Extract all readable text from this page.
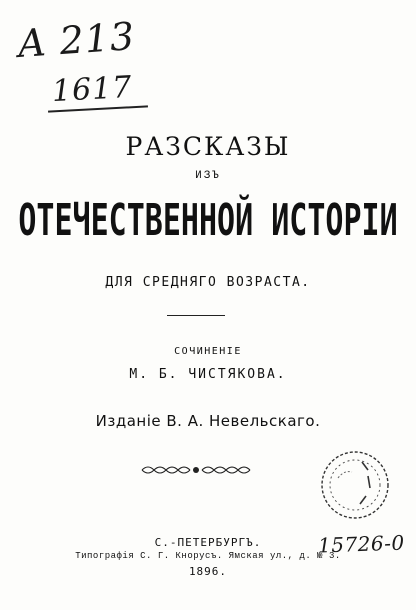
A 213
1617
РАЗСКАЗЫ
ИЗЪ
ОТЕЧЕСТВЕННОЙ ИСТОРІИ
ДЛЯ СРЕДНЯГО ВОЗРАСТА.
СОЧИНЕНІЕ
М. Б. ЧИСТЯКОВА.
Изданіе В. А. Невельскаго.
15726-0
С.-ПЕТЕРБУРГЪ.
Типографія С. Г. Кнорусъ. Ямская ул., д. № 3.
1896.
